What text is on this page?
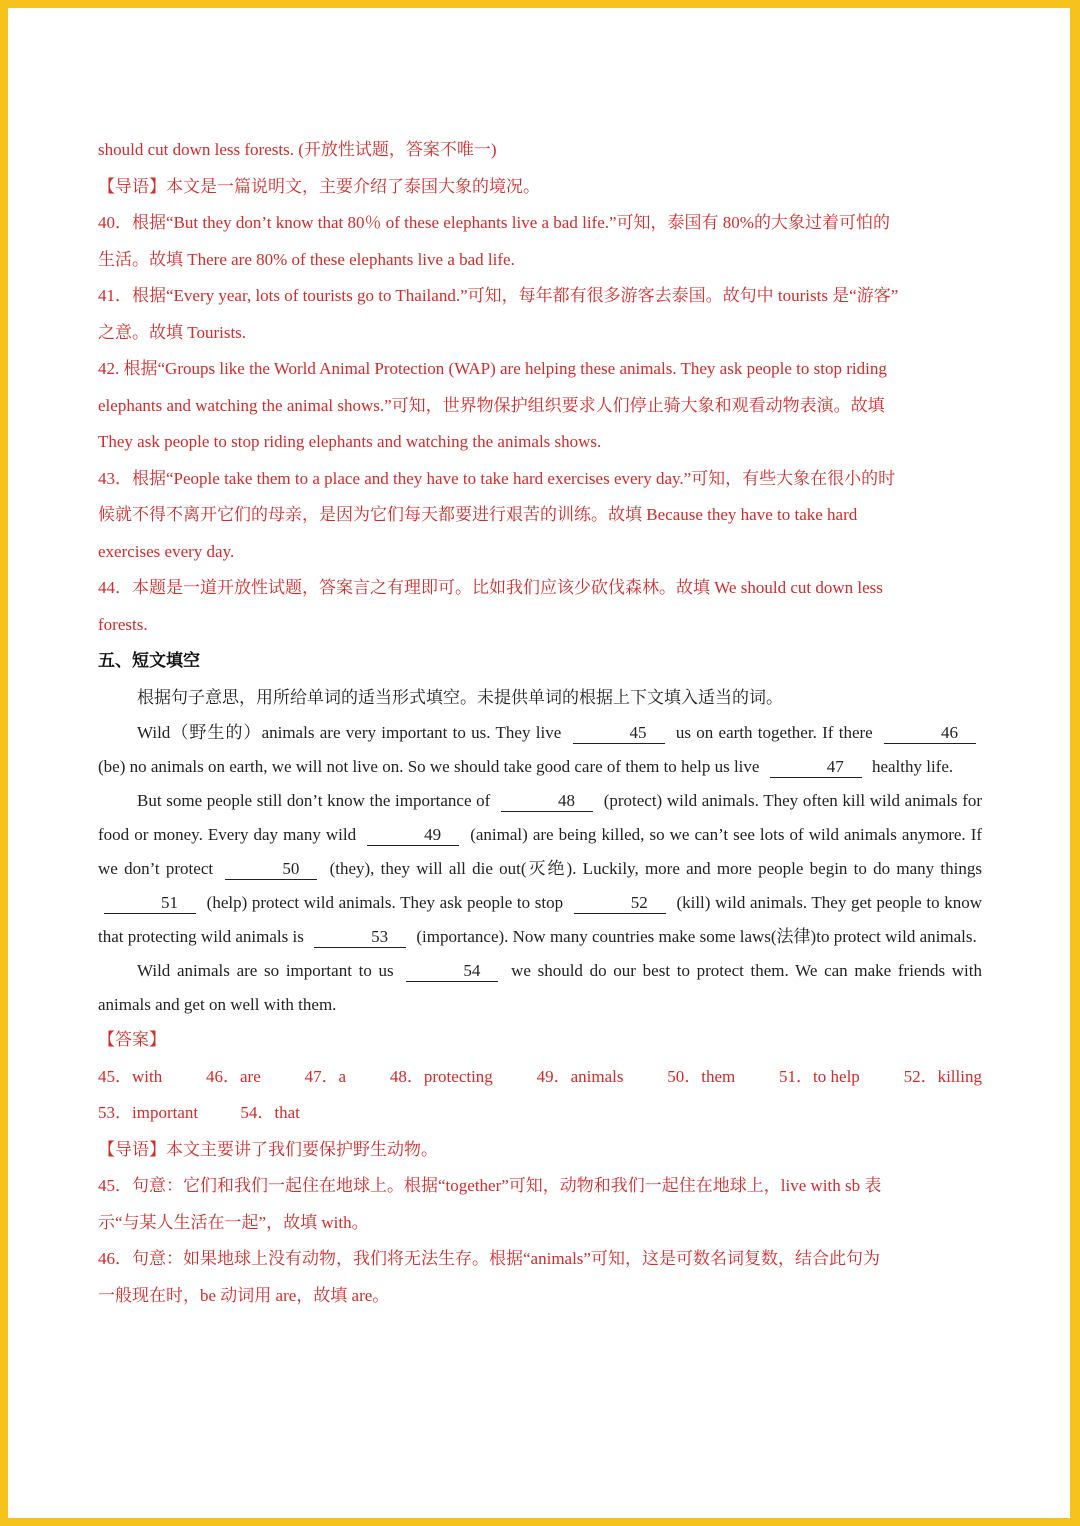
should cut down less forests. (开放性试题，答案不唯一)

【导语】本文是一篇说明文，主要介绍了泰国大象的境况。

40．根据“But they don’t know that 80％ of these elephants live a bad life.”可知，泰国有 80%的大象过着可怕的
生活。故填 There are 80% of these elephants live a bad life.

41．根据“Every year, lots of tourists go to Thailand.”可知，每年都有很多游客去泰国。故句中 tourists 是“游客”
之意。故填 Tourists.

42. 根据“Groups like the World Animal Protection (WAP) are helping these animals. They ask people to stop riding
elephants and watching the animal shows.”可知，世界物保护组织要求人们停止骑大象和观看动物表演。故填
They ask people to stop riding elephants and watching the animals shows.

43．根据“People take them to a place and they have to take hard exercises every day.”可知，有些大象在很小的时
候就不得不离开它们的母亲，是因为它们每天都要进行艰苦的训练。故填 Because they have to take hard
exercises every day.

44．本题是一道开放性试题，答案言之有理即可。比如我们应该少砍伐森林。故填 We should cut down less
forests.

五、短文填空

根据句子意思，用所给单词的适当形式填空。未提供单词的根据上下文填入适当的词。

Wild（野生的）animals are very important to us. They live	45 us on earth together. If there	46 (be) no animals on earth, we will not live on. So we should take good care of them to help us live	47 healthy life.

But some people still don’t know the importance of	48 (protect) wild animals. They often kill wild animals for food or money. Every day many wild	49 (animal) are being killed, so we can’t see lots of wild animals anymore. If we don’t protect	50 (they), they will all die out(灭绝). Luckily, more and more people begin to do many things 51 (help) protect wild animals. They ask people to stop	52 (kill) wild animals. They get people to know that protecting wild animals is	53 (importance). Now many countries make some laws(法律)to protect wild animals.

Wild animals are so important to us	54 we should do our best to protect them. We can make friends with animals and get on well with them.

【答案】

45．with	46．are	47．a	48．protecting	49．animals	50．them	51．to help	52．killing
53．important 54．that

【导语】本文主要讲了我们要保护野生动物。

45．句意：它们和我们一起住在地球上。根据“together”可知，动物和我们一起住在地球上，live with sb 表
示“与某人生活在一起”，故填 with。

46．句意：如果地球上没有动物，我们将无法生存。根据“animals”可知，这是可数名词复数，结合此句为
一般现在时，be 动词用 are，故填 are。
